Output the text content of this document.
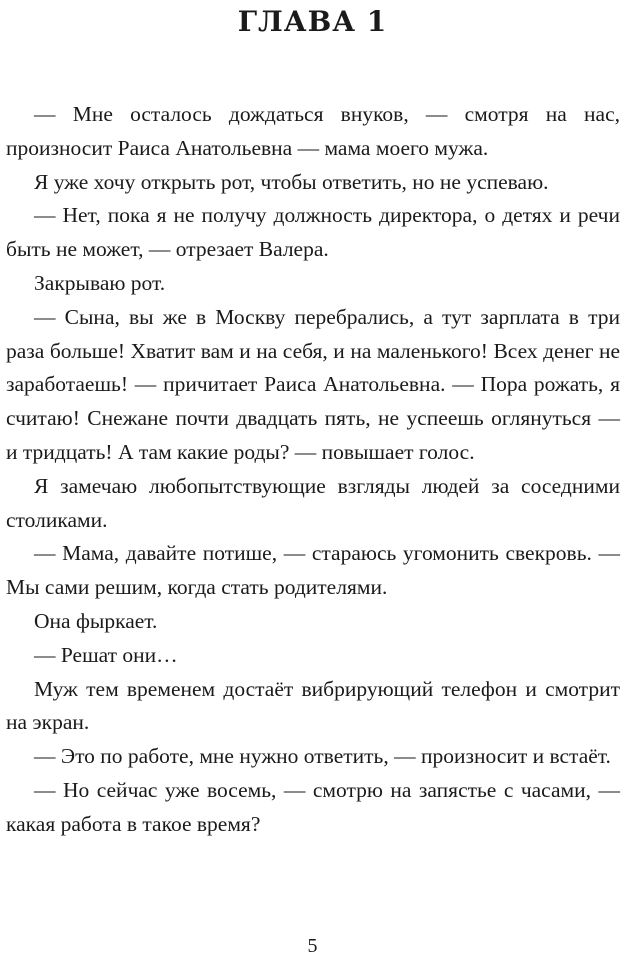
ГЛАВА 1

— Мне осталось дождаться внуков, — смотря на нас, произносит Раиса Анатольевна — мама моего мужа.

Я уже хочу открыть рот, чтобы ответить, но не успеваю.

— Нет, пока я не получу должность директора, о детях и речи быть не может, — отрезает Валера.

Закрываю рот.

— Сына, вы же в Москву перебрались, а тут зарплата в три раза больше! Хватит вам и на себя, и на маленького! Всех денег не заработаешь! — причитает Раиса Анатольевна. — Пора рожать, я считаю! Снежане почти двадцать пять, не успеешь оглянуться — и тридцать! А там какие роды? — повышает голос.

Я замечаю любопытствующие взгляды людей за соседними столиками.

— Мама, давайте потише, — стараюсь угомонить свекровь. — Мы сами решим, когда стать родителями.

Она фыркает.

— Решат они…

Муж тем временем достаёт вибрирующий телефон и смотрит на экран.

— Это по работе, мне нужно ответить, — произносит и встаёт.

— Но сейчас уже восемь, — смотрю на запястье с часами, — какая работа в такое время?

5
